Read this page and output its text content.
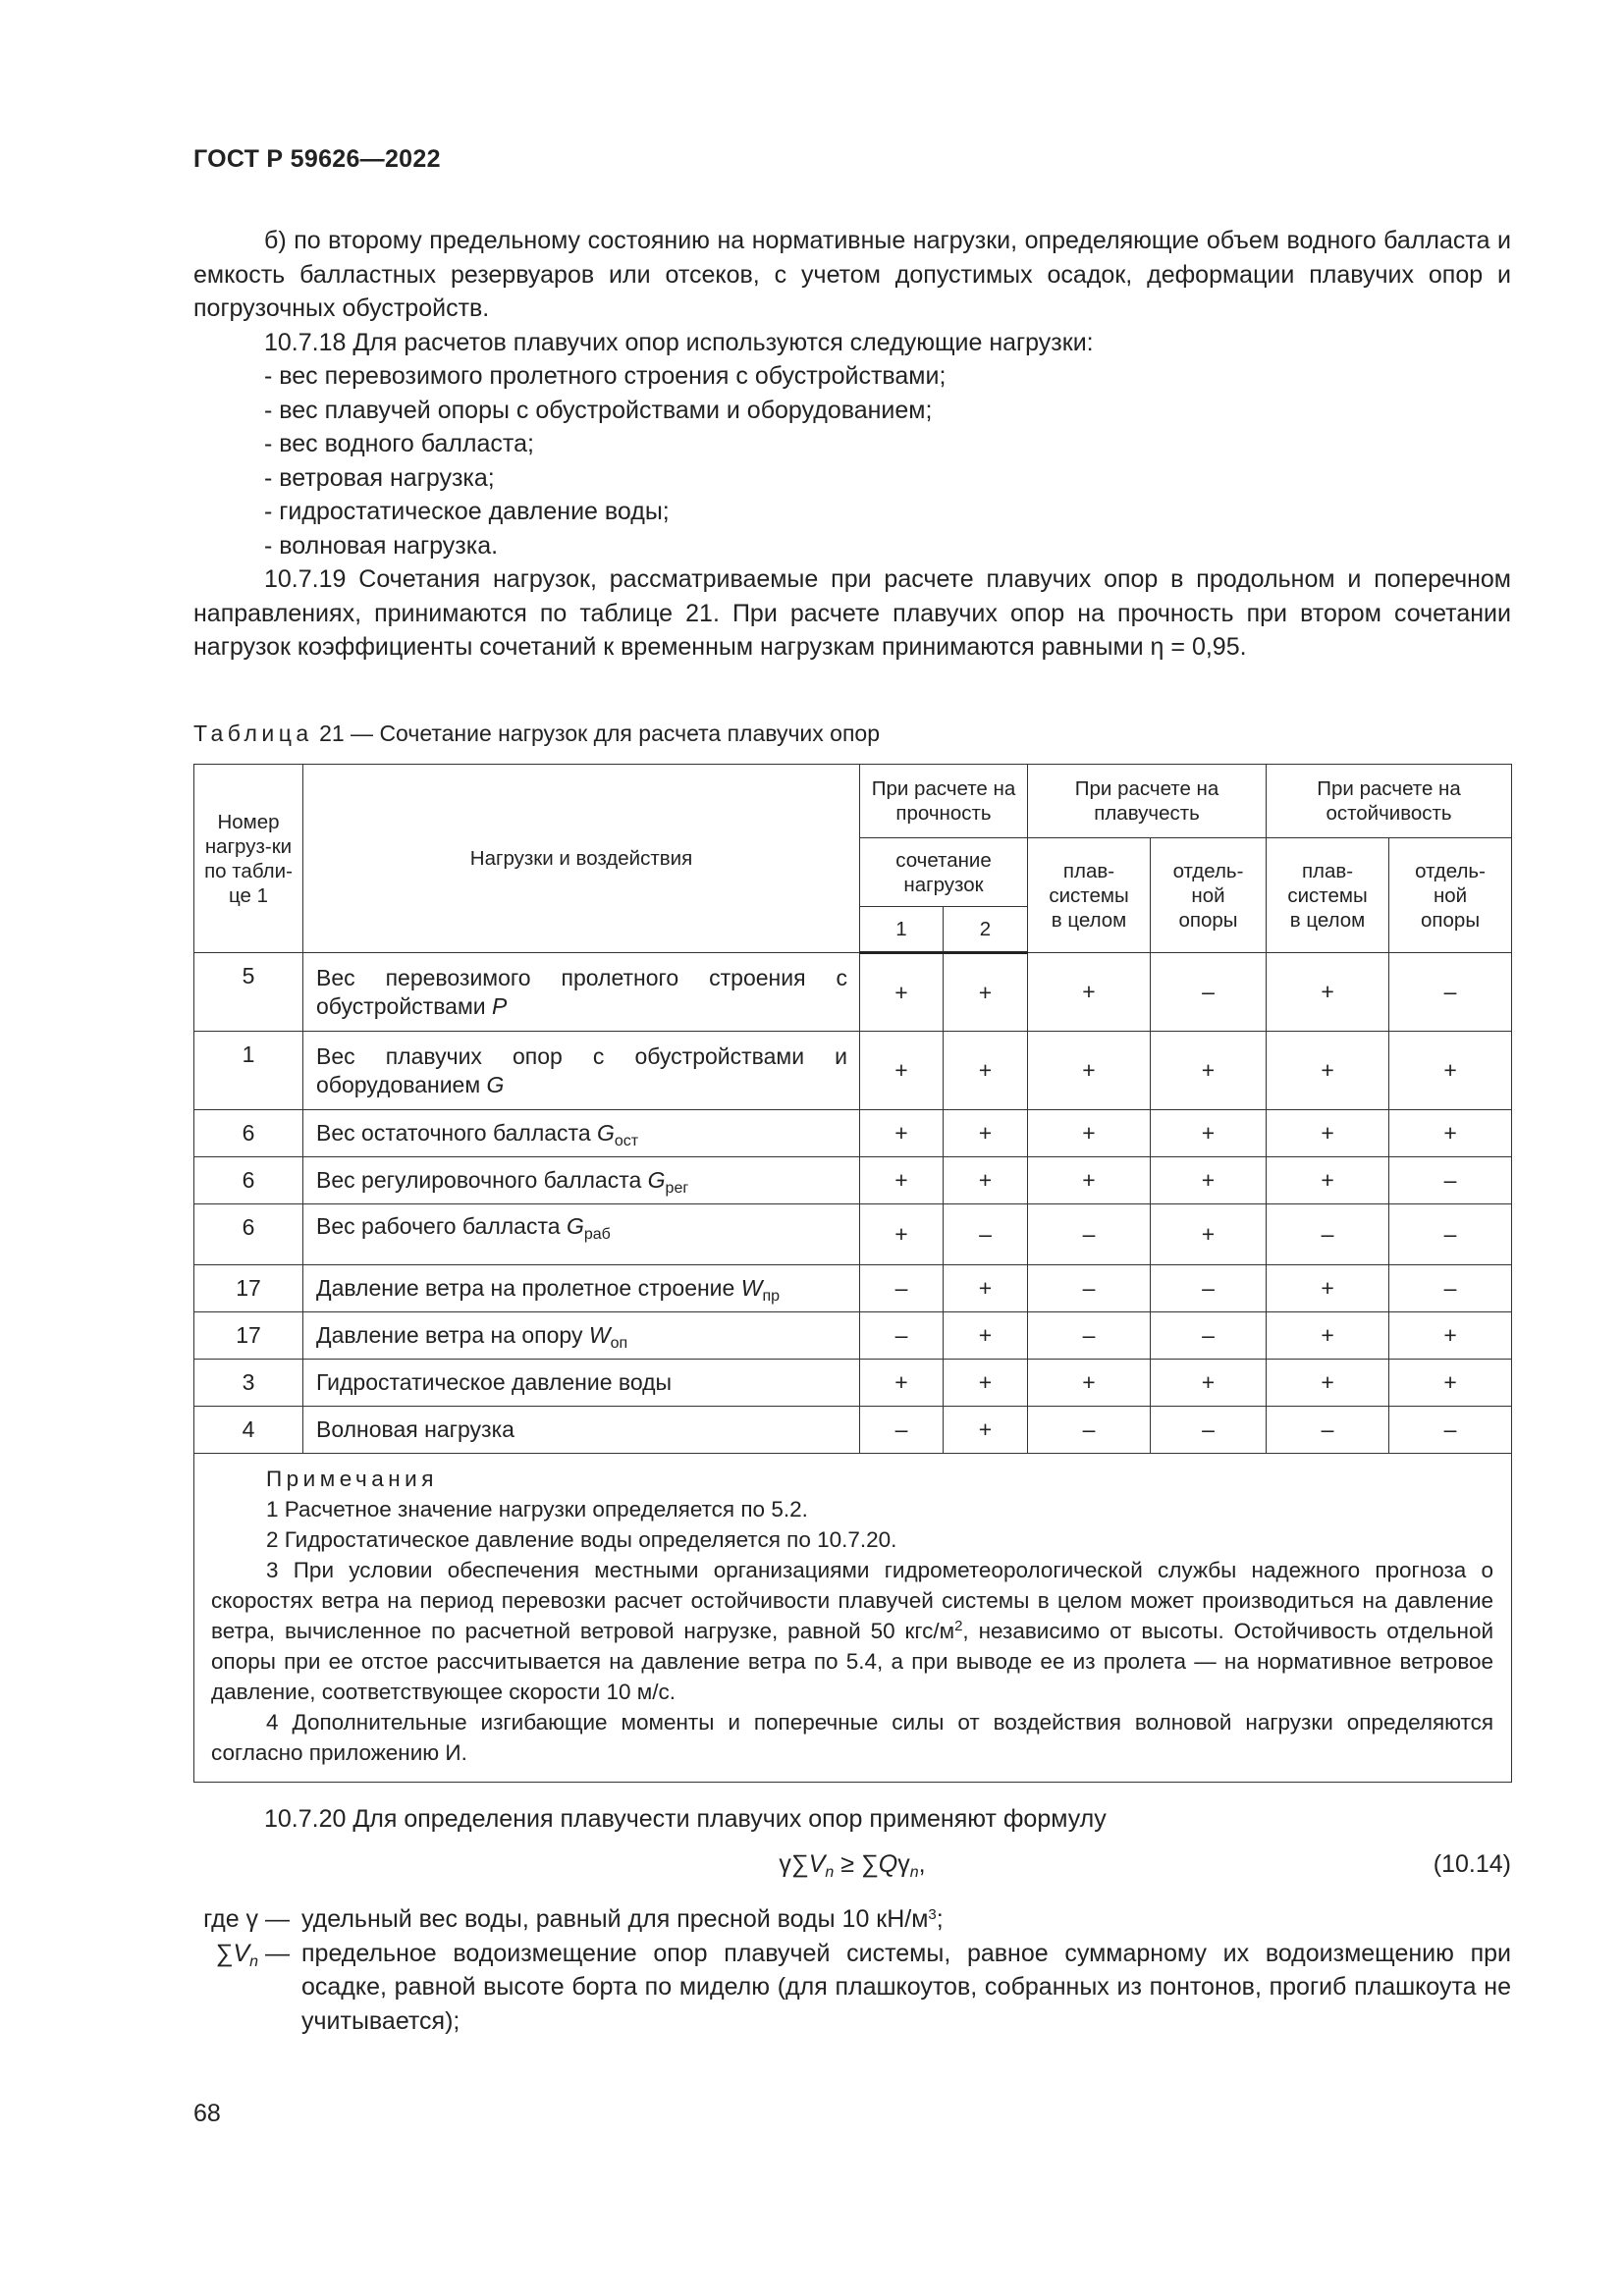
ГОСТ Р 59626—2022

б) по второму предельному состоянию на нормативные нагрузки, определяющие объем водного балласта и емкость балластных резервуаров или отсеков, с учетом допустимых осадок, деформации плавучих опор и погрузочных обустройств.

10.7.18 Для расчетов плавучих опор используются следующие нагрузки:

- вес перевозимого пролетного строения с обустройствами;

- вес плавучей опоры с обустройствами и оборудованием;

- вес водного балласта;

- ветровая нагрузка;

- гидростатическое давление воды;

- волновая нагрузка.

10.7.19 Сочетания нагрузок, рассматриваемые при расчете плавучих опор в продольном и поперечном направлениях, принимаются по таблице 21. При расчете плавучих опор на прочность при втором сочетании нагрузок коэффициенты сочетаний к временным нагрузкам принимаются равными η = 0,95.

Таблица 21 — Сочетание нагрузок для расчета плавучих опор
Номер нагруз-ки по табли-це 1	Нагрузки и воздействия	При расчете на прочность		При расчете на плавучесть		При расчете на остойчивость	
		сочетание нагрузок		плав-системы в целом	отдель-ной опоры	плав-системы в целом	отдель-ной опоры
		1	2				
5	Вес перевозимого пролетного строения с обустройствами P	+	+	+	–	+	–
1	Вес плавучих опор с обустройствами и оборудованием G	+	+	+	+	+	+
6	Вес остаточного балласта $G_{ост}$	+	+	+	+	+	+
6	Вес регулировочного балласта $G_{рег}$	+	+	+	+	+	–
6	Вес рабочего балласта $G_{раб}$	+	–	–	+	–	–
17	Давление ветра на пролетное строение $W_{пр}$	–	+	–	–	+	–
17	Давление ветра на опору $W_{оп}$	–	+	–	–	+	+
3	Гидростатическое давление воды	+	+	+	+	+	+
4	Волновая нагрузка	–	+	–	–	–	–

Примечания

1 Расчетное значение нагрузки определяется по 5.2.

2 Гидростатическое давление воды определяется по 10.7.20.

3 При условии обеспечения местными организациями гидрометеорологической службы надежного прогноза о скоростях ветра на период перевозки расчет остойчивости плавучей системы в целом может производиться на давление ветра, вычисленное по расчетной ветровой нагрузке, равной 50 кгс/$м^2$, независимо от высоты. Остойчивость отдельной опоры при ее отстое рассчитывается на давление ветра по 5.4, а при выводе ее из пролета — на нормативное ветровое давление, соответствующее скорости 10 м/с.

4 Дополнительные изгибающие моменты и поперечные силы от воздействия волновой нагрузки определяются согласно приложению И.							

10.7.20 Для определения плавучести плавучих опор применяют формулу

$\gamma\sum V_n \ge \sum Q\gamma_n$,	(10.14)
где γ — удельный вес воды, равный для пресной воды 10 $кН/м^3$;
$\sum V_n$ — предельное водоизмещение опор плавучей системы, равное суммарному их водоизмещению при осадке, равной высоте борта по миделю (для плашкоутов, собранных из понтонов, прогиб плашкоута не учитывается);
68
